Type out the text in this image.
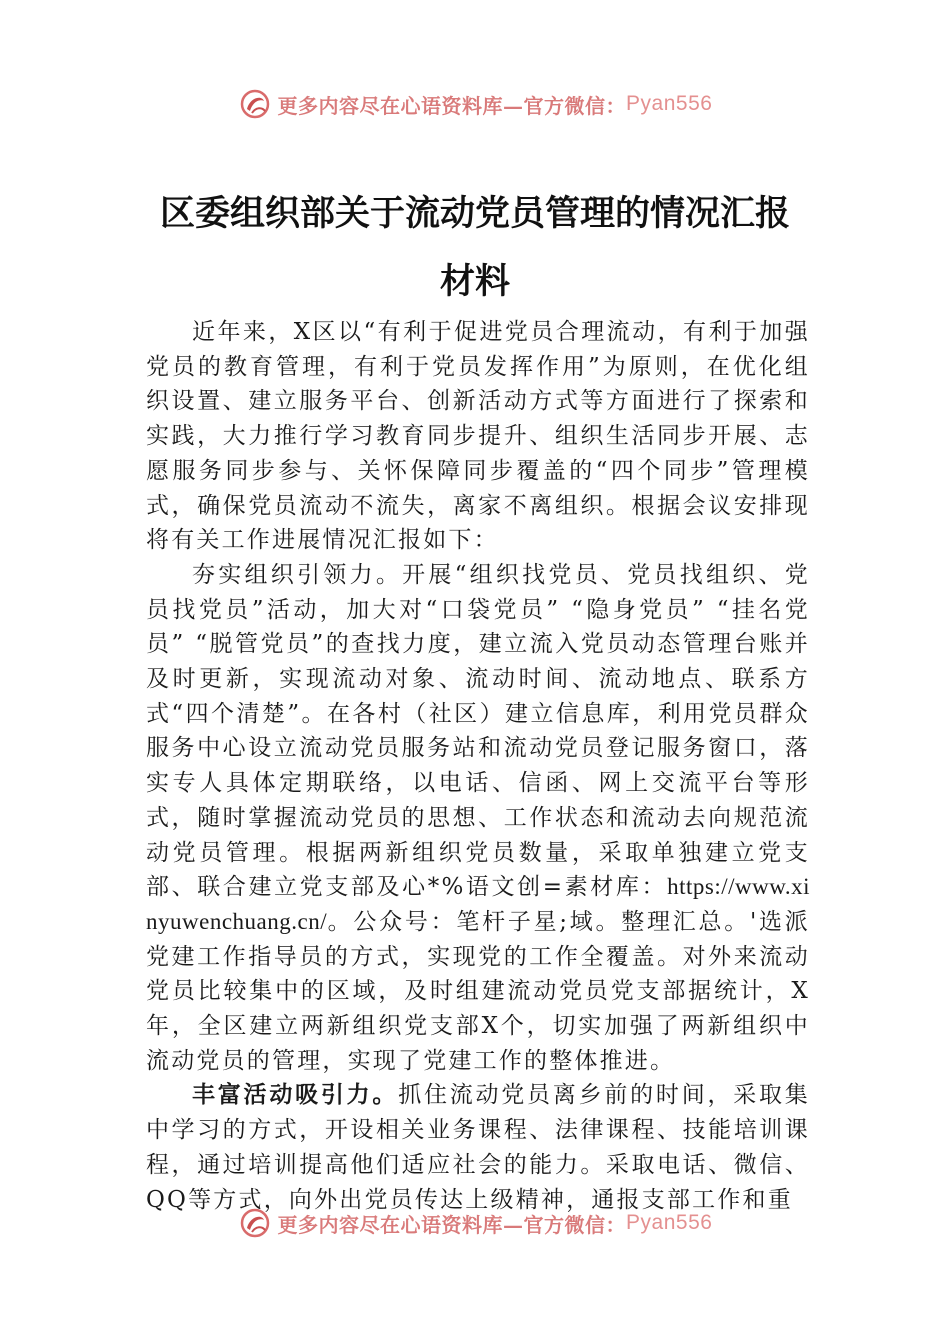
更多内容尽在心语资料库—官方微信： Pyan556
区委组织部关于流动党员管理的情况汇报
材料

近年来，X区以“有利于促进党员合理流动，有利于加强党员的教育管理，有利于党员发挥作用”为原则，在优化组织设置、建立服务平台、创新活动方式等方面进行了探索和实践，大力推行学习教育同步提升、组织生活同步开展、志愿服务同步参与、关怀保障同步覆盖的“四个同步”管理模式，确保党员流动不流失，离家不离组织。根据会议安排现将有关工作进展情况汇报如下：

夯实组织引领力。开展“组织找党员、党员找组织、党员找党员”活动，加大对“口袋党员” “隐身党员” “挂名党员” “脱管党员”的查找力度，建立流入党员动态管理台账并及时更新，实现流动对象、流动时间、流动地点、联系方式“四个清楚”。在各村（社区）建立信息库，利用党员群众服务中心设立流动党员服务站和流动党员登记服务窗口，落实专人具体定期联络，以电话、信函、网上交流平台等形式，随时掌握流动党员的思想、工作状态和流动去向规范流动党员管理。根据两新组织党员数量，采取单独建立党支部、联合建立党支部及心*%语文创=素材库：https://www.xinyuwenchuang.cn/。公众号：笔杆子星;域。整理汇总。'选派党建工作指导员的方式，实现党的工作全覆盖。对外来流动党员比较集中的区域，及时组建流动党员党支部据统计，X年，全区建立两新组织党支部X个，切实加强了两新组织中流动党员的管理，实现了党建工作的整体推进。

丰富活动吸引力。抓住流动党员离乡前的时间，采取集中学习的方式，开设相关业务课程、法律课程、技能培训课程，通过培训提高他们适应社会的能力。采取电话、微信、QQ等方式，向外出党员传达上级精神，通报支部工作和重

更多内容尽在心语资料库—官方微信： Pyan556
